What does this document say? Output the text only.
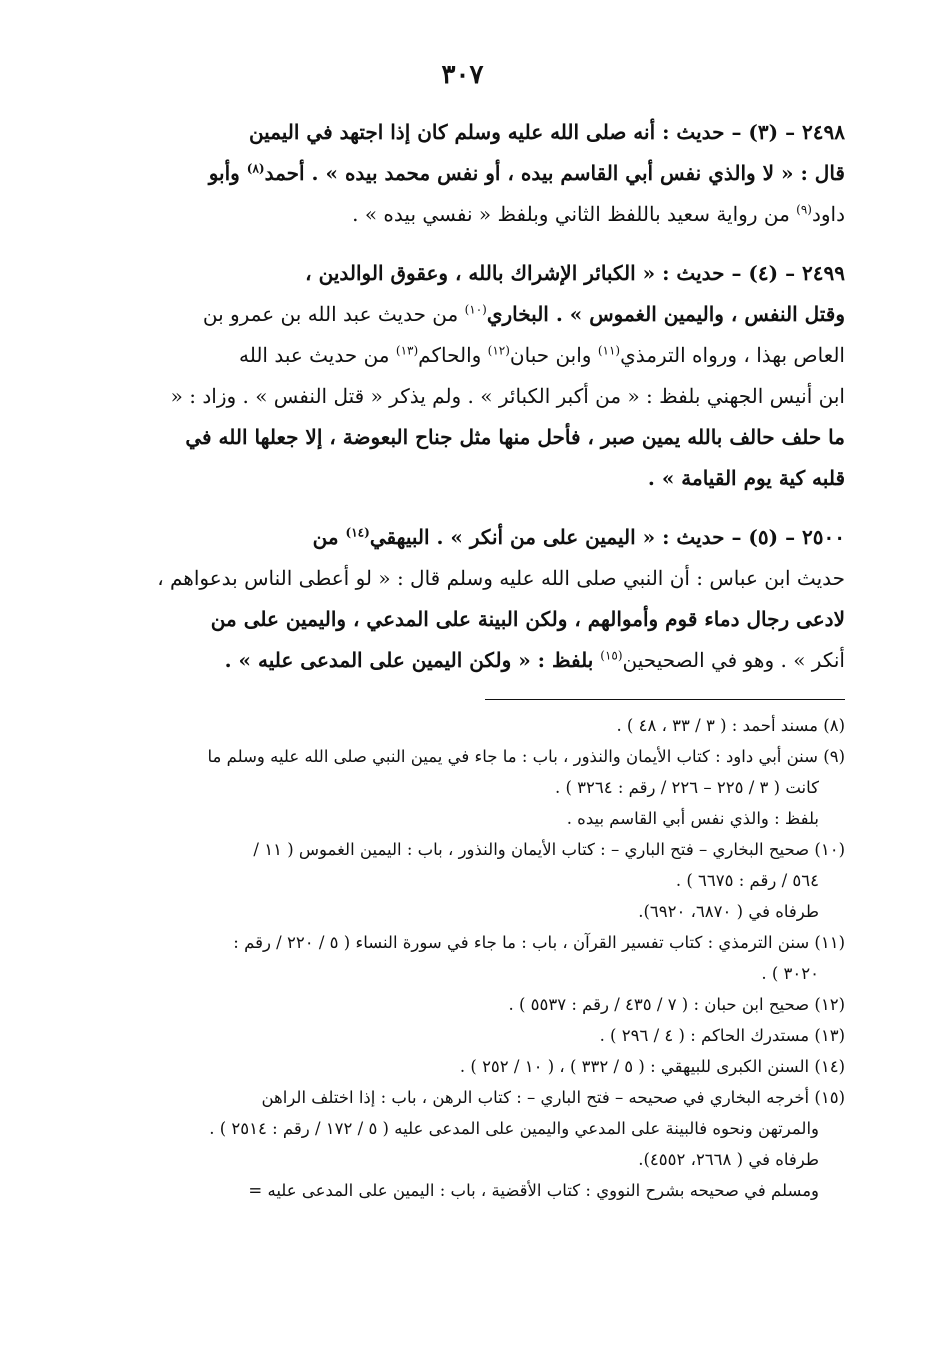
٣٠٧
٢٤٩٨ – (٣) – حديث : أنه صلى الله عليه وسلم كان إذا اجتهد في اليمين
قال : « لا والذي نفس أبي القاسم بيده ، أو نفس محمد بيده » . أحمد$^{(٨)}$ وأبو
داود$^{(٩)}$ من رواية سعيد باللفظ الثاني وبلفظ « نفسي بيده » .
٢٤٩٩ – (٤) – حديث : « الكبائر الإشراك بالله ، وعقوق الوالدين ،
وقتل النفس ، واليمين الغموس » . البخاري$^{(١٠)}$ من حديث عبد الله بن عمرو بن
العاص بهذا ، ورواه الترمذي$^{(١١)}$ وابن حبان$^{(١٢)}$ والحاكم$^{(١٣)}$ من حديث عبد الله
ابن أنيس الجهني بلفظ : « من أكبر الكبائر » . ولم يذكر « قتل النفس » . وزاد : «
ما حلف حالف بالله يمين صبر ، فأحل منها مثل جناح البعوضة ، إلا جعلها الله في
قلبه كية يوم القيامة » .
٢٥٠٠ – (٥) – حديث : « اليمين على من أنكر » . البيهقي$^{(١٤)}$ من
حديث ابن عباس : أن النبي صلى الله عليه وسلم قال : « لو أعطى الناس بدعواهم ،
لادعى رجال دماء قوم وأموالهم ، ولكن البينة على المدعي ، واليمين على من
أنكر » . وهو في الصحيحين$^{(١٥)}$ بلفظ : « ولكن اليمين على المدعى عليه » .

(٨) مسند أحمد : ( ٣ / ٣٣ ، ٤٨ ) .

(٩) سنن أبي داود : كتاب الأيمان والنذور ، باب : ما جاء في يمين النبي صلى الله عليه وسلم ما
كانت ( ٣ / ٢٢٥ – ٢٢٦ / رقم : ٣٢٦٤ ) .
بلفظ : والذي نفس أبي القاسم بيده .

(١٠) صحيح البخاري – فتح الباري – : كتاب الأيمان والنذور ، باب : اليمين الغموس ( ١١ /
٥٦٤ / رقم : ٦٦٧٥ ) .
طرفاه في ( ٦٨٧٠، ٦٩٢٠).

(١١) سنن الترمذي : كتاب تفسير القرآن ، باب : ما جاء في سورة النساء ( ٥ / ٢٢٠ / رقم :
٣٠٢٠ ) .

(١٢) صحيح ابن حبان : ( ٧ / ٤٣٥ / رقم : ٥٥٣٧ ) .

(١٣) مستدرك الحاكم : ( ٤ / ٢٩٦ ) .

(١٤) السنن الكبرى للبيهقي : ( ٥ / ٣٣٢ ) ، ( ١٠ / ٢٥٢ ) .

(١٥) أخرجه البخاري في صحيحه – فتح الباري – : كتاب الرهن ، باب : إذا اختلف الراهن
والمرتهن ونحوه فالبينة على المدعي واليمين على المدعى عليه ( ٥ / ١٧٢ / رقم : ٢٥١٤ ) .
طرفاه في ( ٢٦٦٨، ٤٥٥٢).
ومسلم في صحيحه بشرح النووي : كتاب الأقضية ، باب : اليمين على المدعى عليه =
